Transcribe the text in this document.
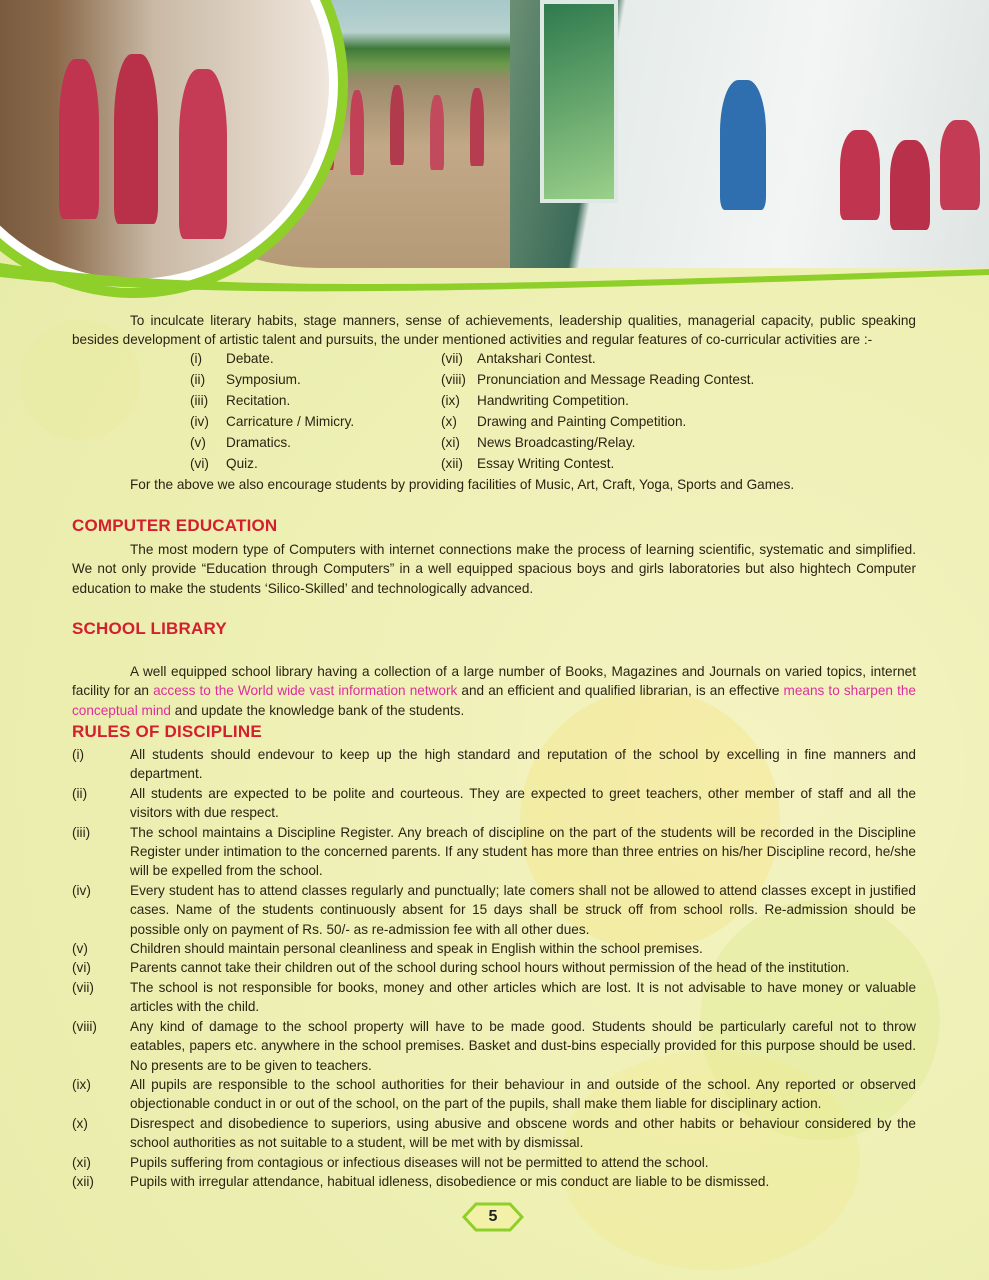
To inculcate literary habits, stage manners, sense of achievements, leadership qualities, managerial capacity, public speaking besides development of artistic talent and pursuits, the under mentioned activities and regular features of co-curricular activities are :-

(i) Debate.
(ii) Symposium.
(iii) Recitation.
(iv) Carricature / Mimicry.
(v) Dramatics.
(vi) Quiz.
(vii) Antakshari Contest.
(viii) Pronunciation and Message Reading Contest.
(ix) Handwriting Competition.
(x) Drawing and Painting Competition.
(xi) News Broadcasting/Relay.
(xii) Essay Writing Contest.

For the above we also encourage students by providing facilities of Music, Art, Craft, Yoga, Sports and Games.

COMPUTER EDUCATION

The most modern type of Computers with internet connections make the process of learning scientific, systematic and simplified. We not only provide “Education through Computers” in a well equipped spacious boys and girls laboratories but also hightech Computer education to make the students ‘Silico-Skilled’ and technologically advanced.

SCHOOL LIBRARY

A well equipped school library having a collection of a large number of Books, Magazines and Journals on varied topics, internet facility for an access to the World wide vast information network and an efficient and qualified librarian, is an effective means to sharpen the conceptual mind and update the knowledge bank of the students.

RULES OF DISCIPLINE
(i)	All students should endevour to keep up the high standard and reputation of the school by excelling in fine manners and department.
(ii)	All students are expected to be polite and courteous. They are expected to greet teachers, other member of staff and all the visitors with due respect.
(iii)	The school maintains a Discipline Register. Any breach of discipline on the part of the students will be recorded in the Discipline Register under intimation to the concerned parents. If any student has more than three entries on his/her Discipline record, he/she will be expelled from the school.
(iv)	Every student has to attend classes regularly and punctually; late comers shall not be allowed to attend classes except in justified cases. Name of the students continuously absent for 15 days shall be struck off from school rolls. Re-admission should be possible only on payment of Rs. 50/- as re-admission fee with all other dues.
(v)	Children should maintain personal cleanliness and speak in English within the school premises.
(vi)	Parents cannot take their children out of the school during school hours without permission of the head of the institution.
(vii)	The school is not responsible for books, money and other articles which are lost. It is not advisable to have money or valuable articles with the child.
(viii)	Any kind of damage to the school property will have to be made good. Students should be particularly careful not to throw eatables, papers etc. anywhere in the school premises. Basket and dust-bins especially provided for this purpose should be used. No presents are to be given to teachers.
(ix)	All pupils are responsible to the school authorities for their behaviour in and outside of the school. Any reported or observed objectionable conduct in or out of the school, on the part of the pupils, shall make them liable for disciplinary action.
(x)	Disrespect and disobedience to superiors, using abusive and obscene words and other habits or behaviour considered by the school authorities as not suitable to a student, will be met with by dismissal.
(xi)	Pupils suffering from contagious or infectious diseases will not be permitted to attend the school.
(xii)	Pupils with irregular attendance, habitual idleness, disobedience or mis conduct are liable to be dismissed.
5
